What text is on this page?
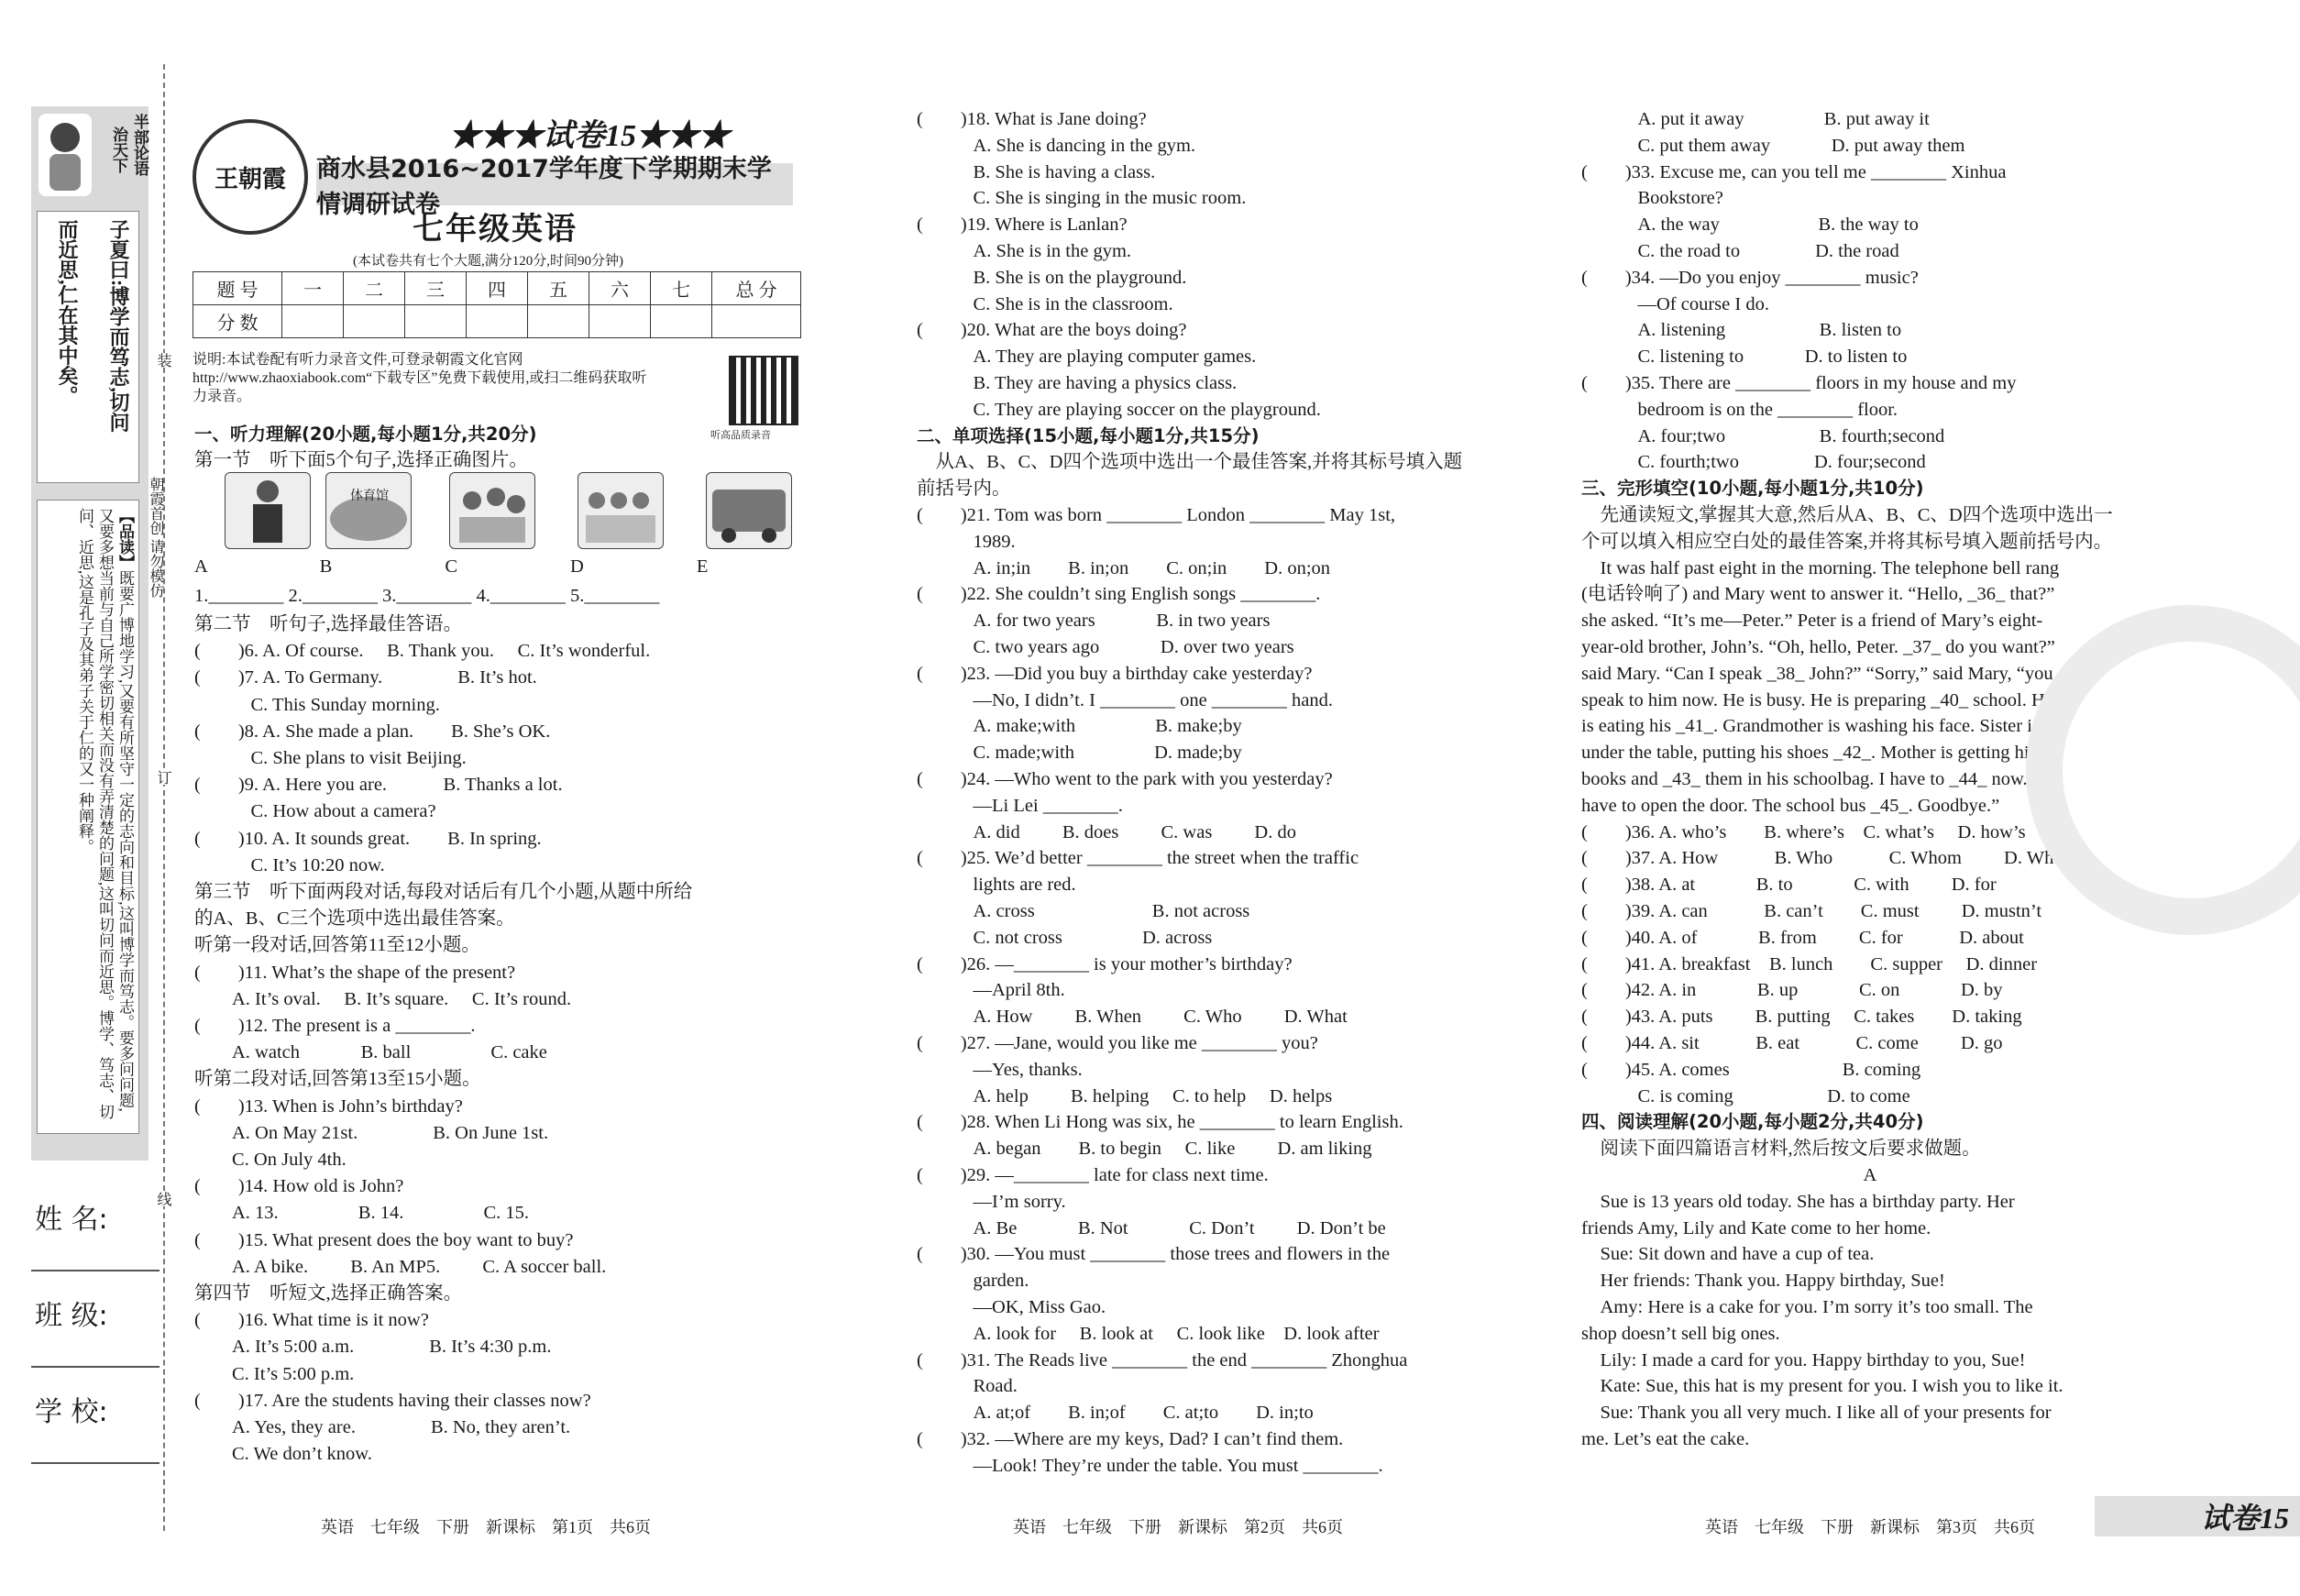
半部论语
治天下
子夏曰:博学而笃志,切问
而近思,仁在其中矣。
【品读】既要广博地学习,又要有所坚守一定的志向和目标,这叫博学而笃志。要多问问题,又要多想当前与自己所学密切相关而没有弄清楚的问题,这叫切问而近思。博学、笃志、切问、近思,这是孔子及其弟子关于仁的又一种阐释。	朝霞首创 请勿模仿
姓 名:
班 级:
学 校:
装
订
线
王朝霞
★★★试卷15★★★
商水县2016~2017学年度下学期期末学情调研试卷
七年级英语
(本试卷共有七个大题,满分120分,时间90分钟)
题 号	一	二	三	四	五	六	七	总 分
分 数								
说明:本试卷配有听力录音文件,可登录朝霞文化官网 http://www.zhaoxiabook.com“下载专区”免费下载使用,或扫二维码获取听力录音。
听高品质录音
体育馆
一、听力理解(20小题,每小题1分,共20分)
第一节　听下面5个句子,选择正确图片。
A　　　　　　B　　　　　　C　　　　　　D　　　　　　E
1.________ 2.________ 3.________ 4.________ 5.________
第二节　听句子,选择最佳答语。
(　　)6. A. Of course.　 B. Thank you.　 C. It’s wonderful.
(　　)7. A. To Germany.　　　　B. It’s hot.
　　　C. This Sunday morning.
(　　)8. A. She made a plan.　　B. She’s OK.
　　　C. She plans to visit Beijing.
(　　)9. A. Here you are.　　　B. Thanks a lot.
　　　C. How about a camera?
(　　)10. A. It sounds great.　　B. In spring.
　　　C. It’s 10:20 now.
第三节　听下面两段对话,每段对话后有几个小题,从题中所给
的A、B、C三个选项中选出最佳答案。
听第一段对话,回答第11至12小题。
(　　)11. What’s the shape of the present?
　　A. It’s oval.　 B. It’s square.　 C. It’s round.
(　　)12. The present is a ________.
　　A. watch　　　 B. ball　　　　 C. cake
听第二段对话,回答第13至15小题。
(　　)13. When is John’s birthday?
　　A. On May 21st.　　　　B. On June 1st.
　　C. On July 4th.
(　　)14. How old is John?
　　A. 13.　　　　 B. 14.　　　　 C. 15.
(　　)15. What present does the boy want to buy?
　　A. A bike.　　 B. An MP5.　　 C. A soccer ball.
第四节　听短文,选择正确答案。
(　　)16. What time is it now?
　　A. It’s 5:00 a.m.　　　　B. It’s 4:30 p.m.
　　C. It’s 5:00 p.m.
(　　)17. Are the students having their classes now?
　　A. Yes, they are.　　　　B. No, they aren’t.
　　C. We don’t know.
(　　)18. What is Jane doing?
　　　A. She is dancing in the gym.
　　　B. She is having a class.
　　　C. She is singing in the music room.
(　　)19. Where is Lanlan?
　　　A. She is in the gym.
　　　B. She is on the playground.
　　　C. She is in the classroom.
(　　)20. What are the boys doing?
　　　A. They are playing computer games.
　　　B. They are having a physics class.
　　　C. They are playing soccer on the playground.
二、单项选择(15小题,每小题1分,共15分)
　从A、B、C、D四个选项中选出一个最佳答案,并将其标号填入题
前括号内。
(　　)21. Tom was born ________ London ________ May 1st,
　　　1989.
　　　A. in;in　　B. in;on　　C. on;in　　D. on;on
(　　)22. She couldn’t sing English songs ________.
　　　A. for two years　　　 B. in two years
　　　C. two years ago　　　 D. over two years
(　　)23. —Did you buy a birthday cake yesterday?
　　　—No, I didn’t. I ________ one ________ hand.
　　　A. make;with　　　　 B. make;by
　　　C. made;with　　　　 D. made;by
(　　)24. —Who went to the park with you yesterday?
　　　—Li Lei ________.
　　　A. did　　 B. does　　 C. was　　 D. do
(　　)25. We’d better ________ the street when the traffic
　　　lights are red.
　　　A. cross　　　　　　 B. not across
　　　C. not cross　　　　 D. across
(　　)26. —________ is your mother’s birthday?
　　　—April 8th.
　　　A. How　　 B. When　　 C. Who　　 D. What
(　　)27. —Jane, would you like me ________ you?
　　　—Yes, thanks.
　　　A. help　　 B. helping　 C. to help　 D. helps
(　　)28. When Li Hong was six, he ________ to learn English.
　　　A. began　　B. to begin　 C. like　　 D. am liking
(　　)29. —________ late for class next time.
　　　—I’m sorry.
　　　A. Be　　　 B. Not　　　 C. Don’t　　 D. Don’t be
(　　)30. —You must ________ those trees and flowers in the
　　　garden.
　　　—OK, Miss Gao.
　　　A. look for　 B. look at　 C. look like　D. look after
(　　)31. The Reads live ________ the end ________ Zhonghua
　　　Road.
　　　A. at;of　　B. in;of　　C. at;to　　D. in;to
(　　)32. —Where are my keys, Dad? I can’t find them.
　　　—Look! They’re under the table. You must ________.
　　　A. put it away　　　　 B. put away it
　　　C. put them away　　　 D. put away them
(　　)33. Excuse me, can you tell me ________ Xinhua
　　　Bookstore?
　　　A. the way　　　　　 B. the way to
　　　C. the road to　　　　D. the road
(　　)34. —Do you enjoy ________ music?
　　　—Of course I do.
　　　A. listening　　　　　B. listen to
　　　C. listening to　　　 D. to listen to
(　　)35. There are ________ floors in my house and my
　　　bedroom is on the ________ floor.
　　　A. four;two　　　　　B. fourth;second
　　　C. fourth;two　　　　D. four;second
三、完形填空(10小题,每小题1分,共10分)
　先通读短文,掌握其大意,然后从A、B、C、D四个选项中选出一
个可以填入相应空白处的最佳答案,并将其标号填入题前括号内。
　It was half past eight in the morning. The telephone bell rang
(电话铃响了) and Mary went to answer it. “Hello, _36_ that?”
she asked. “It’s me—Peter.” Peter is a friend of Mary’s eight-
year-old brother, John’s. “Oh, hello, Peter. _37_ do you want?”
said Mary. “Can I speak _38_ John?” “Sorry,” said Mary, “you _39_
speak to him now. He is busy. He is preparing _40_ school. He
is eating his _41_. Grandmother is washing his face. Sister is
under the table, putting his shoes _42_. Mother is getting his
books and _43_ them in his schoolbag. I have to _44_ now. I
have to open the door. The school bus _45_. Goodbye.”
(　　)36. A. who’s　　B. where’s　C. what’s　 D. how’s
(　　)37. A. How　　　B. Who　　　C. Whom　　 D. What
(　　)38. A. at　　　 B. to　　　 C. with　　 D. for
(　　)39. A. can　　　B. can’t　　C. must　　 D. mustn’t
(　　)40. A. of　　　 B. from　　 C. for　　　D. about
(　　)41. A. breakfast　B. lunch　　C. supper　 D. dinner
(　　)42. A. in　　　 B. up　　　 C. on　　　 D. by
(　　)43. A. puts　　 B. putting　 C. takes　　D. taking
(　　)44. A. sit　　　B. eat　　　C. come　　 D. go
(　　)45. A. comes　　　　　　B. coming
　　　C. is coming　　　　　D. to come
四、阅读理解(20小题,每小题2分,共40分)
　阅读下面四篇语言材料,然后按文后要求做题。
　　　　　　　　　　　　　　　A
　Sue is 13 years old today. She has a birthday party. Her
friends Amy, Lily and Kate come to her home.
　Sue: Sit down and have a cup of tea.
　Her friends: Thank you. Happy birthday, Sue!
　Amy: Here is a cake for you. I’m sorry it’s too small. The
shop doesn’t sell big ones.
　Lily: I made a card for you. Happy birthday to you, Sue!
　Kate: Sue, this hat is my present for you. I wish you to like it.
　Sue: Thank you all very much. I like all of your presents for
me. Let’s eat the cake.
英语　七年级　下册　新课标　第1页　共6页	英语　七年级　下册　新课标　第2页　共6页	英语　七年级　下册　新课标　第3页　共6页	试卷15
